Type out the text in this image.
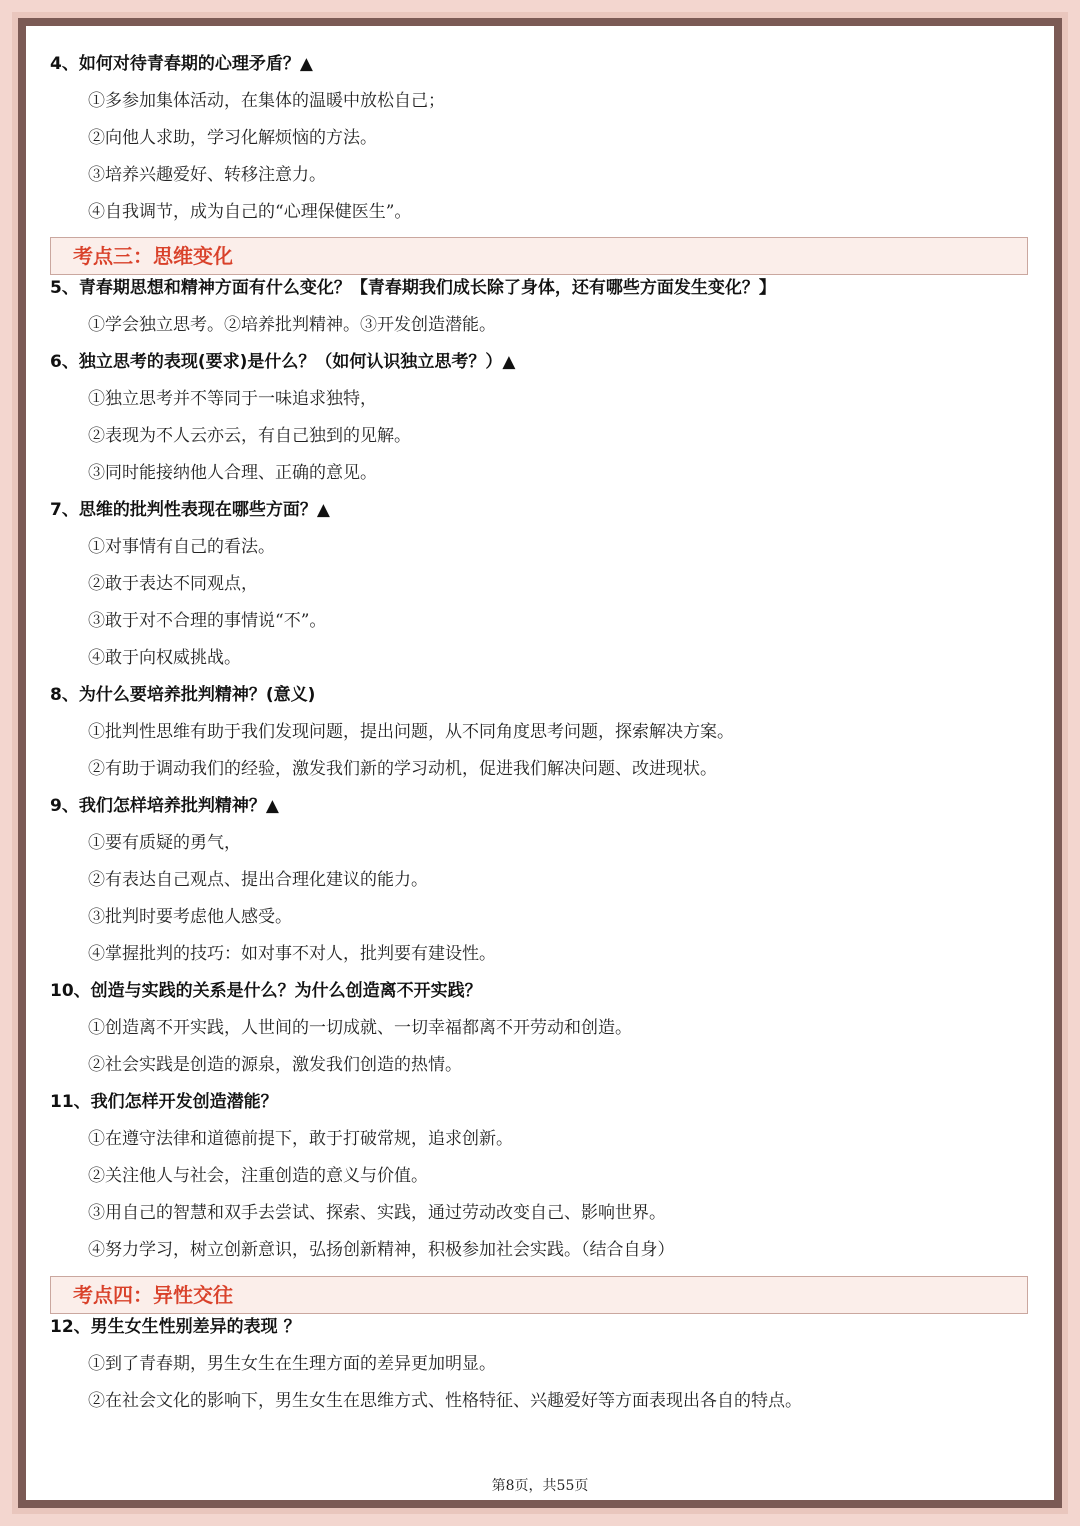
4、如何对待青春期的心理矛盾？▲
①多参加集体活动，在集体的温暖中放松自己；
②向他人求助，学习化解烦恼的方法。
③培养兴趣爱好、转移注意力。
④自我调节，成为自己的“心理保健医生”。
考点三：思维变化
5、青春期思想和精神方面有什么变化？【青春期我们成长除了身体，还有哪些方面发生变化？】
①学会独立思考。②培养批判精神。③开发创造潜能。
6、独立思考的表现(要求)是什么？（如何认识独立思考？）▲
①独立思考并不等同于一味追求独特，
②表现为不人云亦云，有自己独到的见解。
③同时能接纳他人合理、正确的意见。
7、思维的批判性表现在哪些方面？▲
①对事情有自己的看法。
②敢于表达不同观点，
③敢于对不合理的事情说“不”。
④敢于向权威挑战。
8、为什么要培养批判精神？(意义)
①批判性思维有助于我们发现问题，提出问题，从不同角度思考问题，探索解决方案。
②有助于调动我们的经验，激发我们新的学习动机，促进我们解决问题、改进现状。
9、我们怎样培养批判精神？▲
①要有质疑的勇气，
②有表达自己观点、提出合理化建议的能力。
③批判时要考虑他人感受。
④掌握批判的技巧：如对事不对人，批判要有建设性。
10、创造与实践的关系是什么？为什么创造离不开实践？
①创造离不开实践，人世间的一切成就、一切幸福都离不开劳动和创造。
②社会实践是创造的源泉，激发我们创造的热情。
11、我们怎样开发创造潜能？
①在遵守法律和道德前提下，敢于打破常规，追求创新。
②关注他人与社会，注重创造的意义与价值。
③用自己的智慧和双手去尝试、探索、实践，通过劳动改变自己、影响世界。
④努力学习，树立创新意识，弘扬创新精神，积极参加社会实践。（结合自身）
考点四：异性交往
12、男生女生性别差异的表现 ？
①到了青春期，男生女生在生理方面的差异更加明显。
②在社会文化的影响下，男生女生在思维方式、性格特征、兴趣爱好等方面表现出各自的特点。
第8页，共55页
